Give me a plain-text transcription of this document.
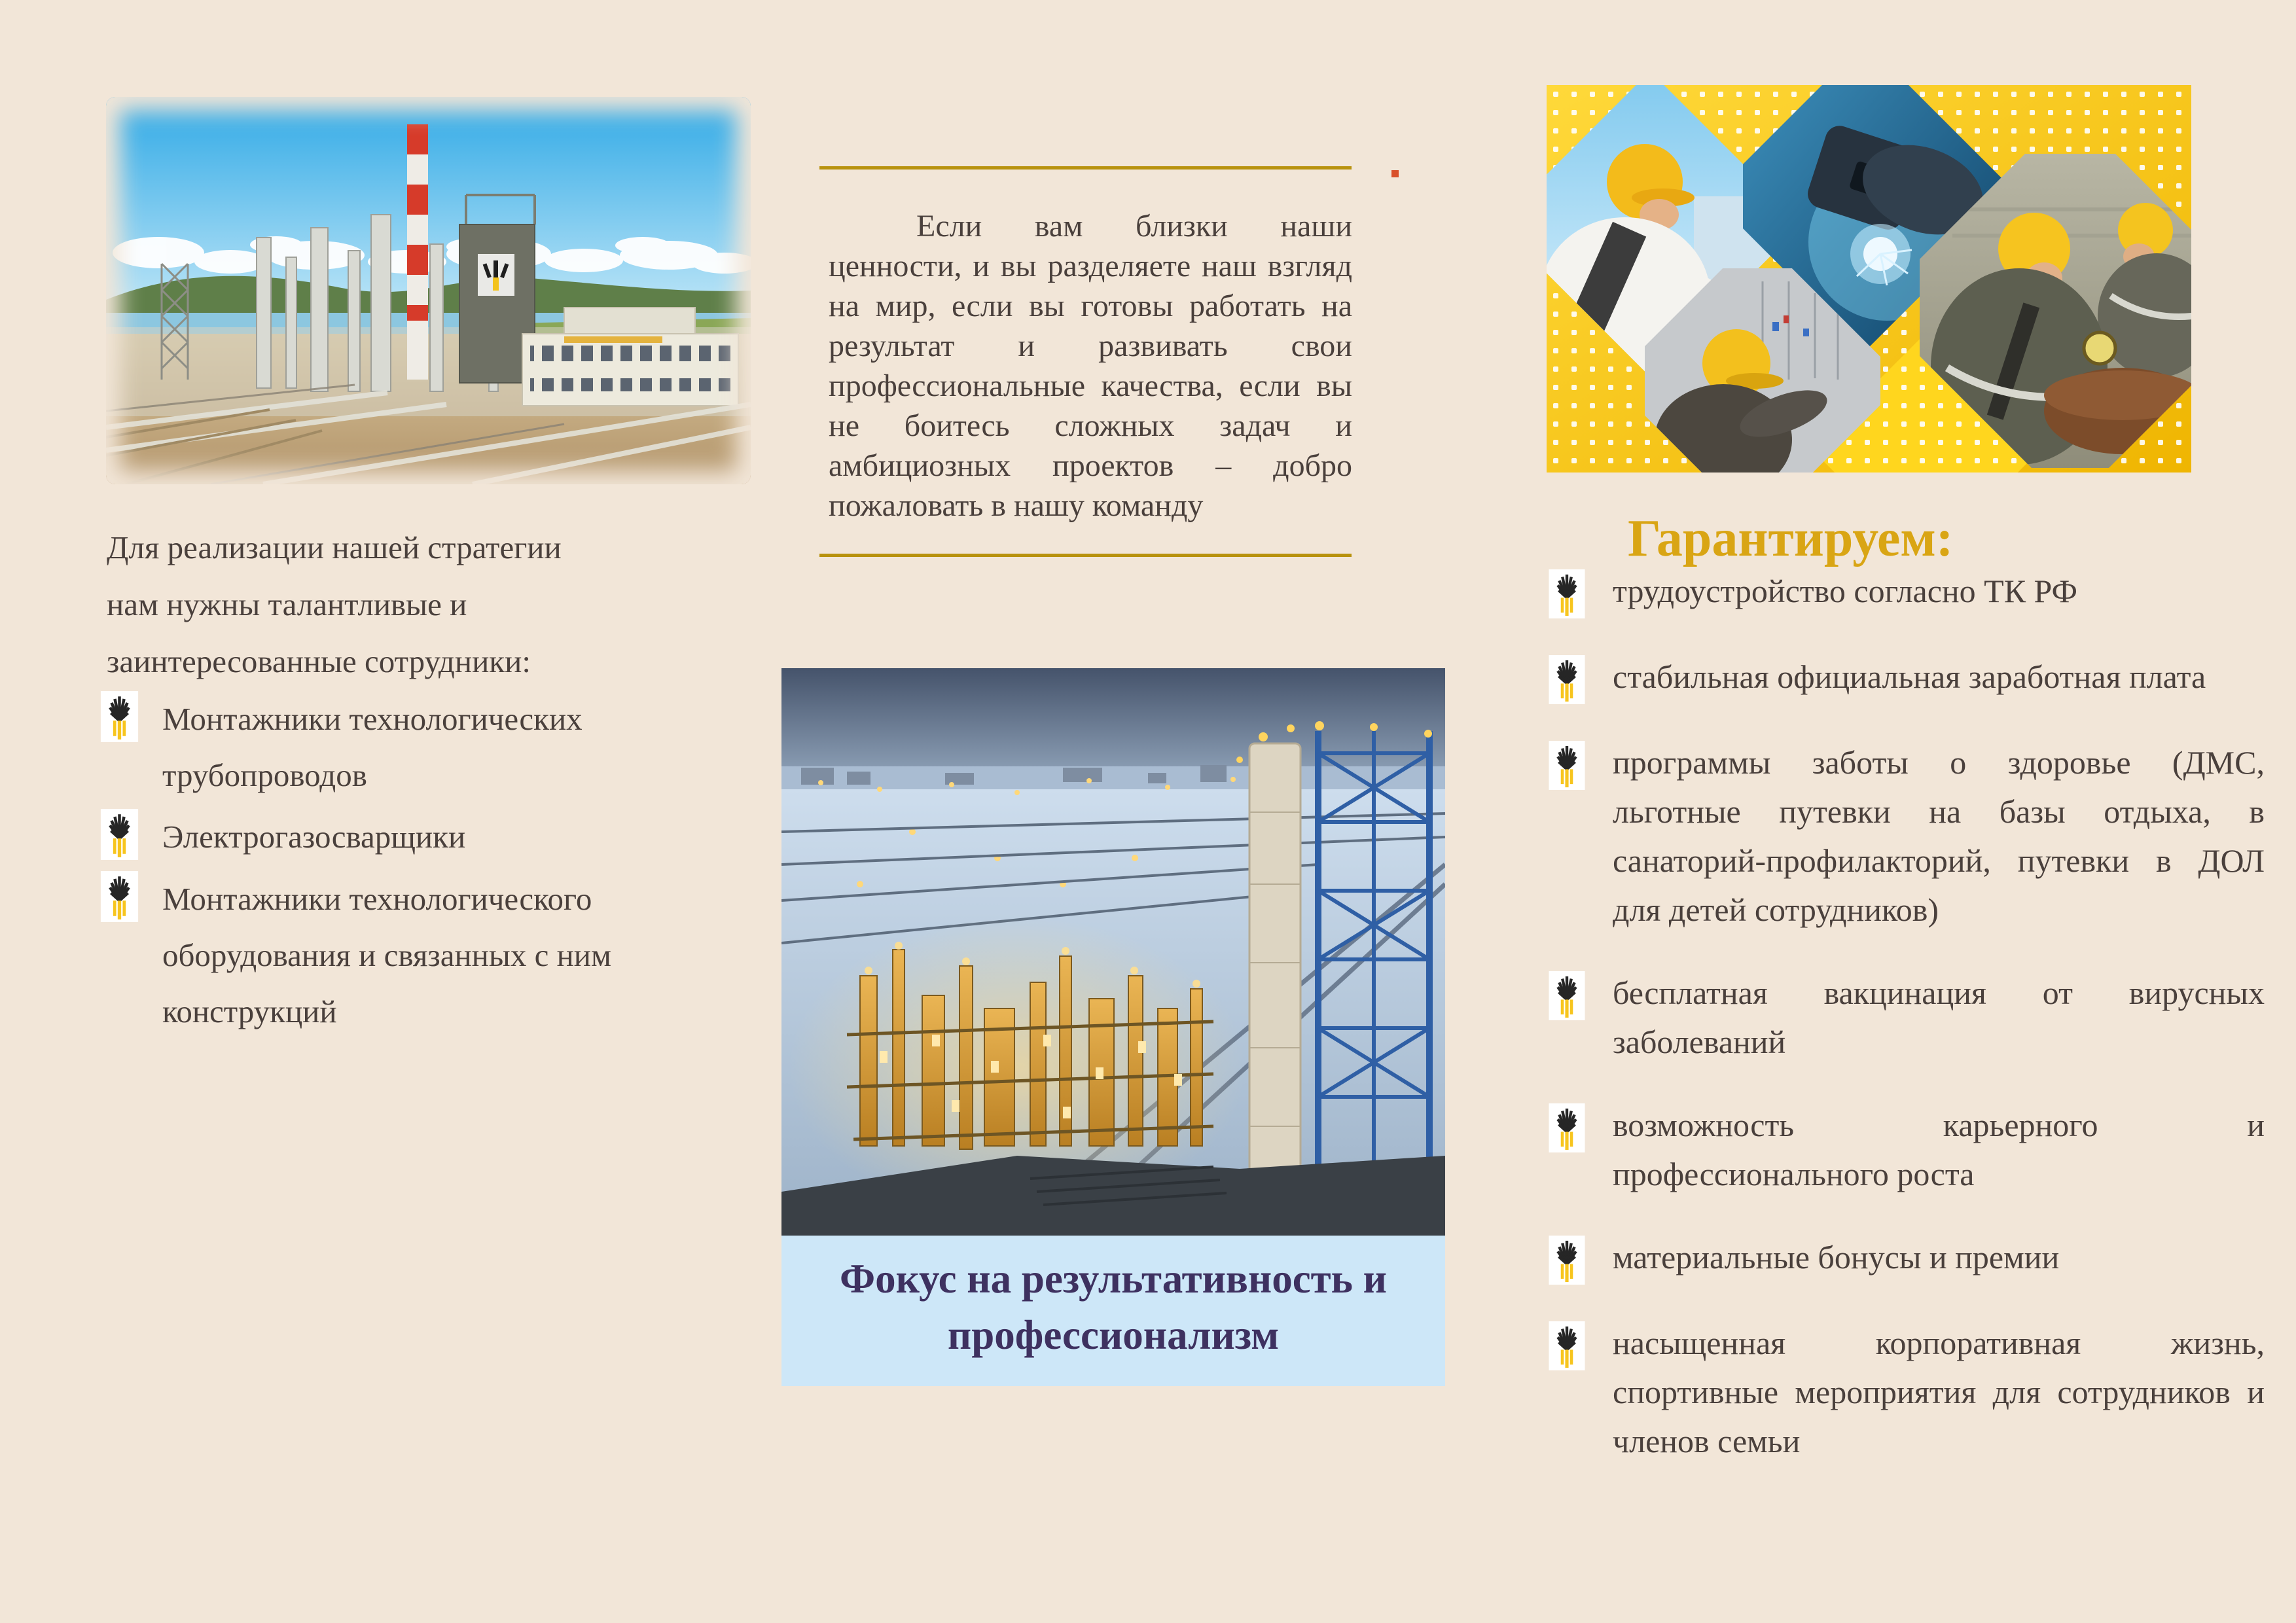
Для реализации нашей стратегии
нам нужны талантливые и
заинтересованные сотрудники:

Монтажники технологических трубопроводов
Электрогазосварщики
Монтажники технологического оборудования и связанных с ним конструкций

Если вам близки наши ценности, и вы разделяете наш взгляд на мир, если вы готовы работать на результат и развивать свои профессиональные качества, если вы не боитесь сложных задач и амбициозных проектов – добро пожаловать в нашу команду

Фокус на результативность и профессионализм
Гарантируем:
трудоустройство согласно ТК РФ
стабильная официальная заработная плата
программы заботы о здоровье (ДМС, льготные путевки на базы отдыха, в санаторий-профилакторий, путевки в ДОЛ для детей сотрудников)
бесплатная вакцинация от вирусных заболеваний
возможность карьерного и профессионального роста
материальные бонусы и премии
насыщенная корпоративная жизнь, спортивные мероприятия для сотрудников и членов семьи
